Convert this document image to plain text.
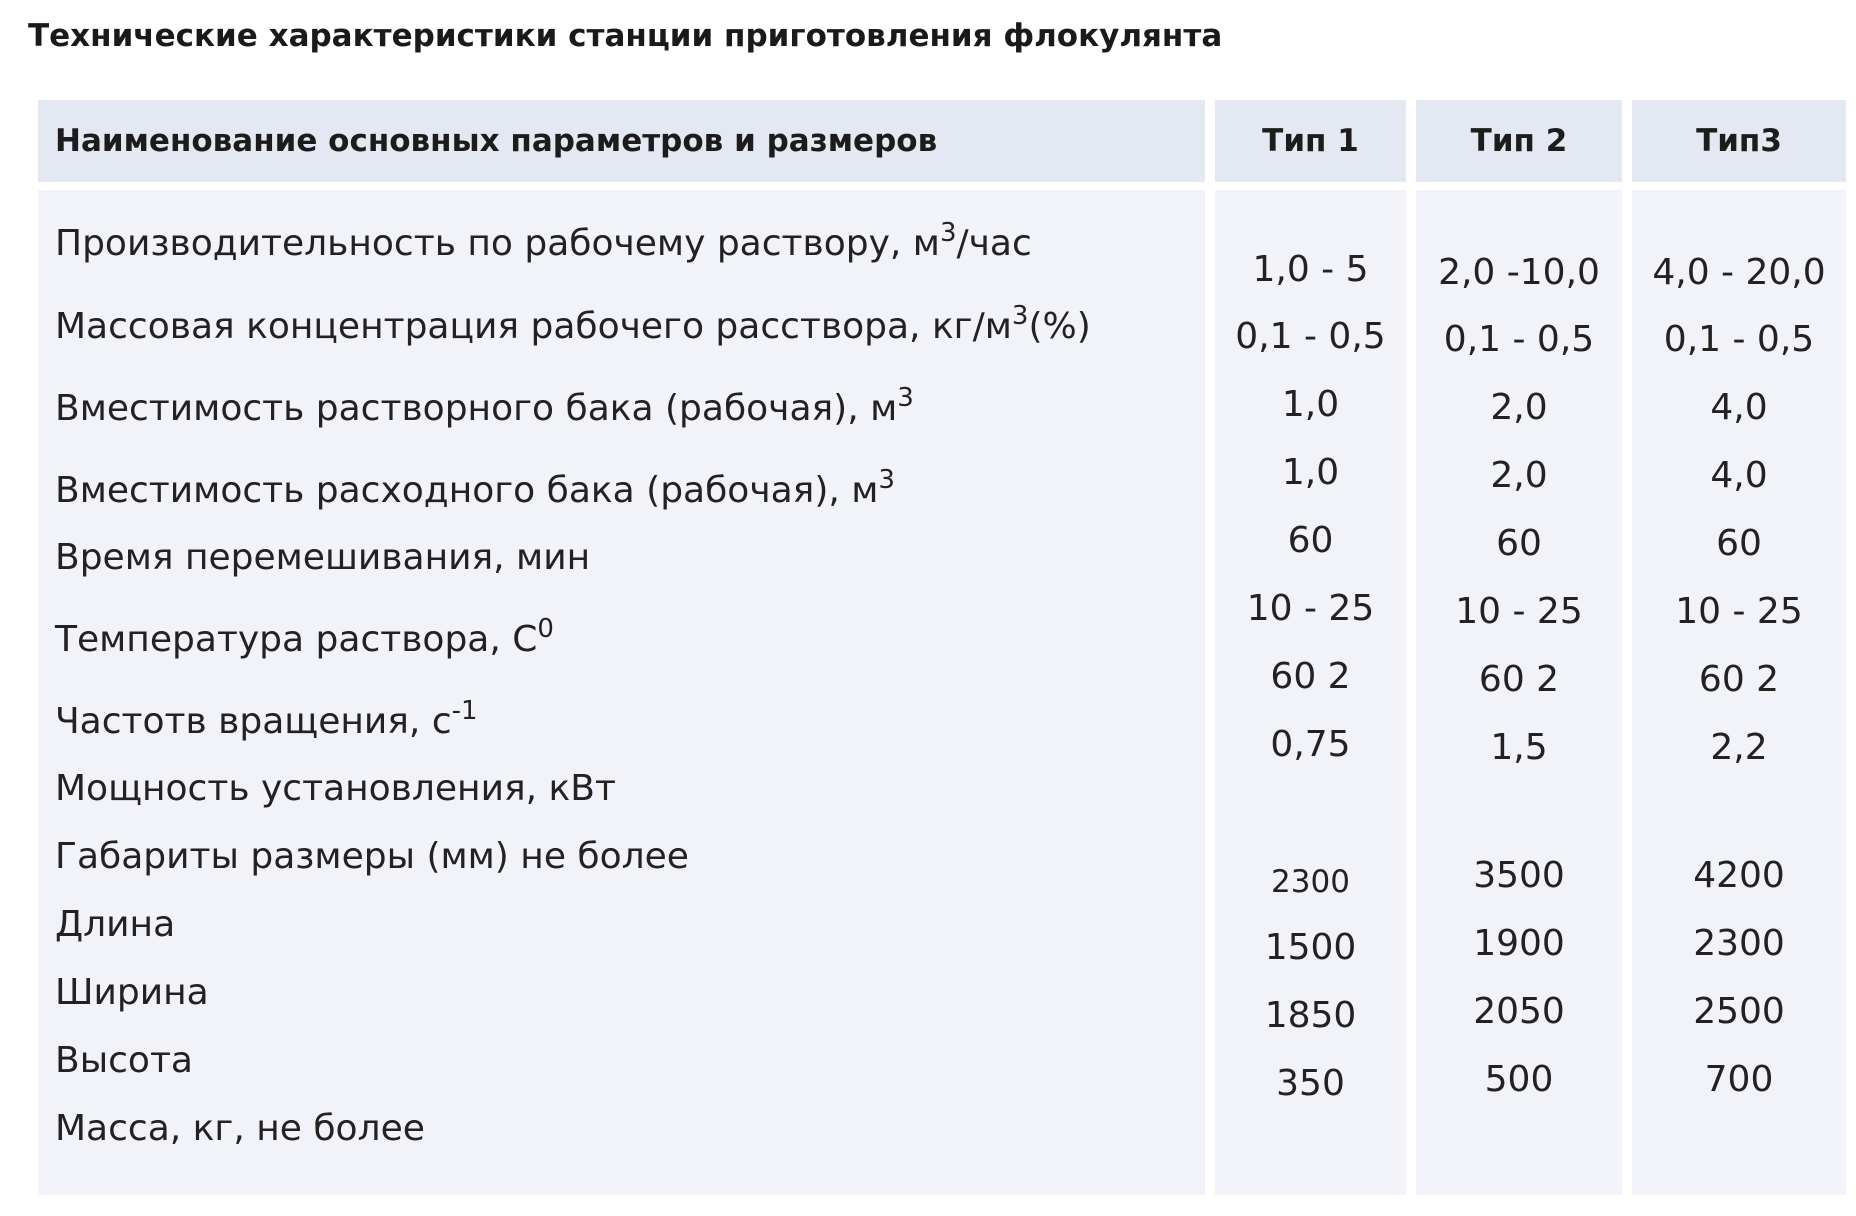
Технические характеристики станции приготовления флокулянта
Наименование основных параметров и размеров
Производительность по рабочему раствору, $м^3$/час
Массовая концентрация рабочего расствора, $кг/м^3(\%)$
Вместимость растворного бака (рабочая), $м^3$
Вместимость расходного бака (рабочая), $м^3$
Время перемешивания, мин
Температура раствора, $С^0$
Частотв вращения, $с^{-1}$
Мощность установления, кВт
Габариты размеры (мм) не более
Длина
Ширина
Высота
Масса, кг, не более
Тип 1
1,0 - 5
0,1 - 0,5
1,0
1,0
60
10 - 25
60 2
0,75
2300
1500
1850
350
Тип 2
2,0 -10,0
0,1 - 0,5
2,0
2,0
60
10 - 25
60 2
1,5
3500
1900
2050
500
Тип3
4,0 - 20,0
0,1 - 0,5
4,0
4,0
60
10 - 25
60 2
2,2
4200
2300
2500
700
